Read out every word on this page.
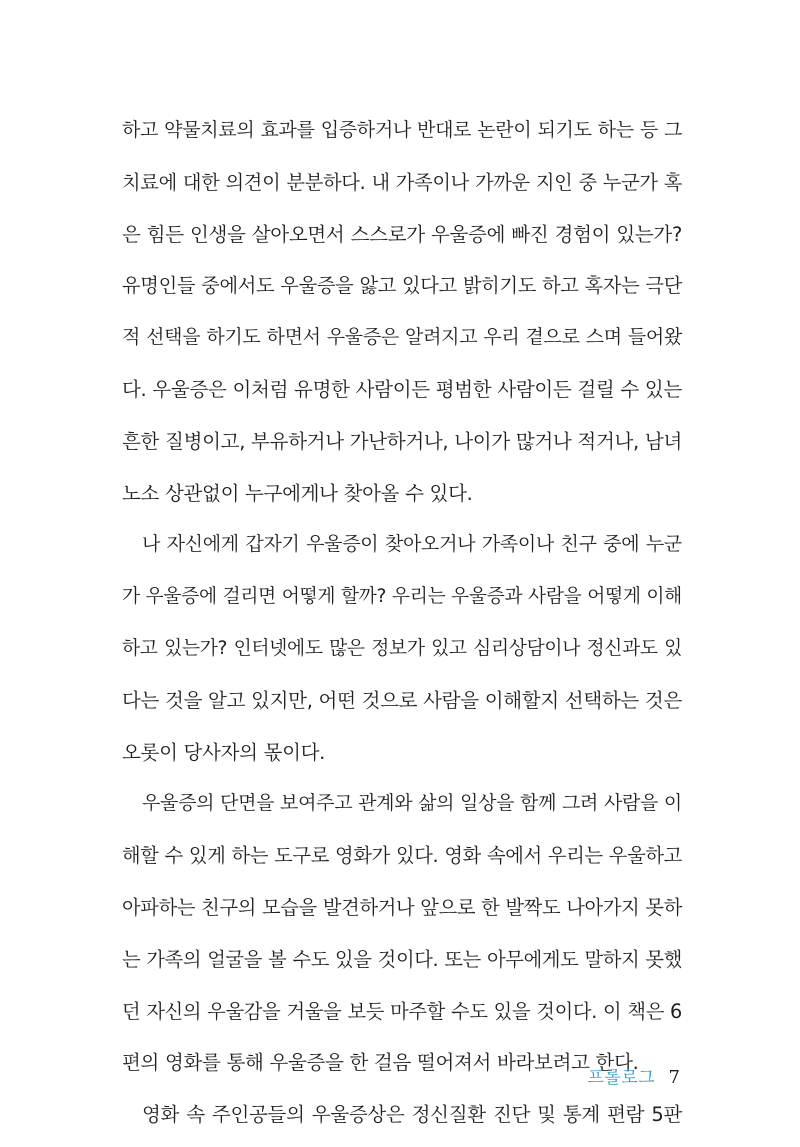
하고 약물치료의 효과를 입증하거나 반대로 논란이 되기도 하는 등 그
치료에 대한 의견이 분분하다. 내 가족이나 가까운 지인 중 누군가 혹
은 힘든 인생을 살아오면서 스스로가 우울증에 빠진 경험이 있는가?
유명인들 중에서도 우울증을 앓고 있다고 밝히기도 하고 혹자는 극단
적 선택을 하기도 하면서 우울증은 알려지고 우리 곁으로 스며 들어왔
다. 우울증은 이처럼 유명한 사람이든 평범한 사람이든 걸릴 수 있는
흔한 질병이고, 부유하거나 가난하거나, 나이가 많거나 적거나, 남녀
노소 상관없이 누구에게나 찾아올 수 있다.
나 자신에게 갑자기 우울증이 찾아오거나 가족이나 친구 중에 누군
가 우울증에 걸리면 어떻게 할까? 우리는 우울증과 사람을 어떻게 이해
하고 있는가? 인터넷에도 많은 정보가 있고 심리상담이나 정신과도 있
다는 것을 알고 있지만, 어떤 것으로 사람을 이해할지 선택하는 것은
오롯이 당사자의 몫이다.
우울증의 단면을 보여주고 관계와 삶의 일상을 함께 그려 사람을 이
해할 수 있게 하는 도구로 영화가 있다. 영화 속에서 우리는 우울하고
아파하는 친구의 모습을 발견하거나 앞으로 한 발짝도 나아가지 못하
는 가족의 얼굴을 볼 수도 있을 것이다. 또는 아무에게도 말하지 못했
던 자신의 우울감을 거울을 보듯 마주할 수도 있을 것이다. 이 책은 6
편의 영화를 통해 우울증을 한 걸음 떨어져서 바라보려고 한다.
영화 속 주인공들의 우울증상은 정신질환 진단 및 통계 편람 5판
프롤로그 7
